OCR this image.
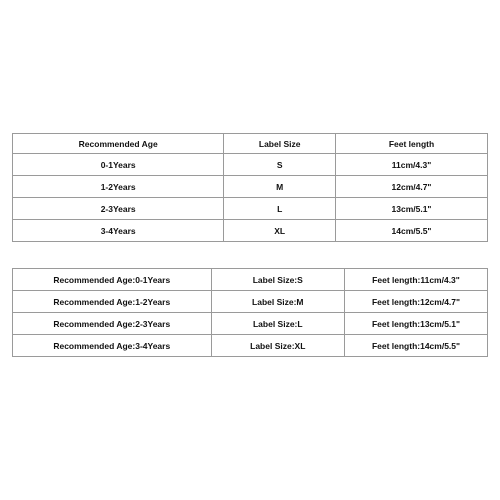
Recommended Age	Label Size	Feet length
0-1Years	S	11cm/4.3"
1-2Years	M	12cm/4.7"
2-3Years	L	13cm/5.1"
3-4Years	XL	14cm/5.5"
Recommended Age:0-1Years	Label Size:S	Feet length:11cm/4.3"
Recommended Age:1-2Years	Label Size:M	Feet length:12cm/4.7"
Recommended Age:2-3Years	Label Size:L	Feet length:13cm/5.1"
Recommended Age:3-4Years	Label Size:XL	Feet length:14cm/5.5"
